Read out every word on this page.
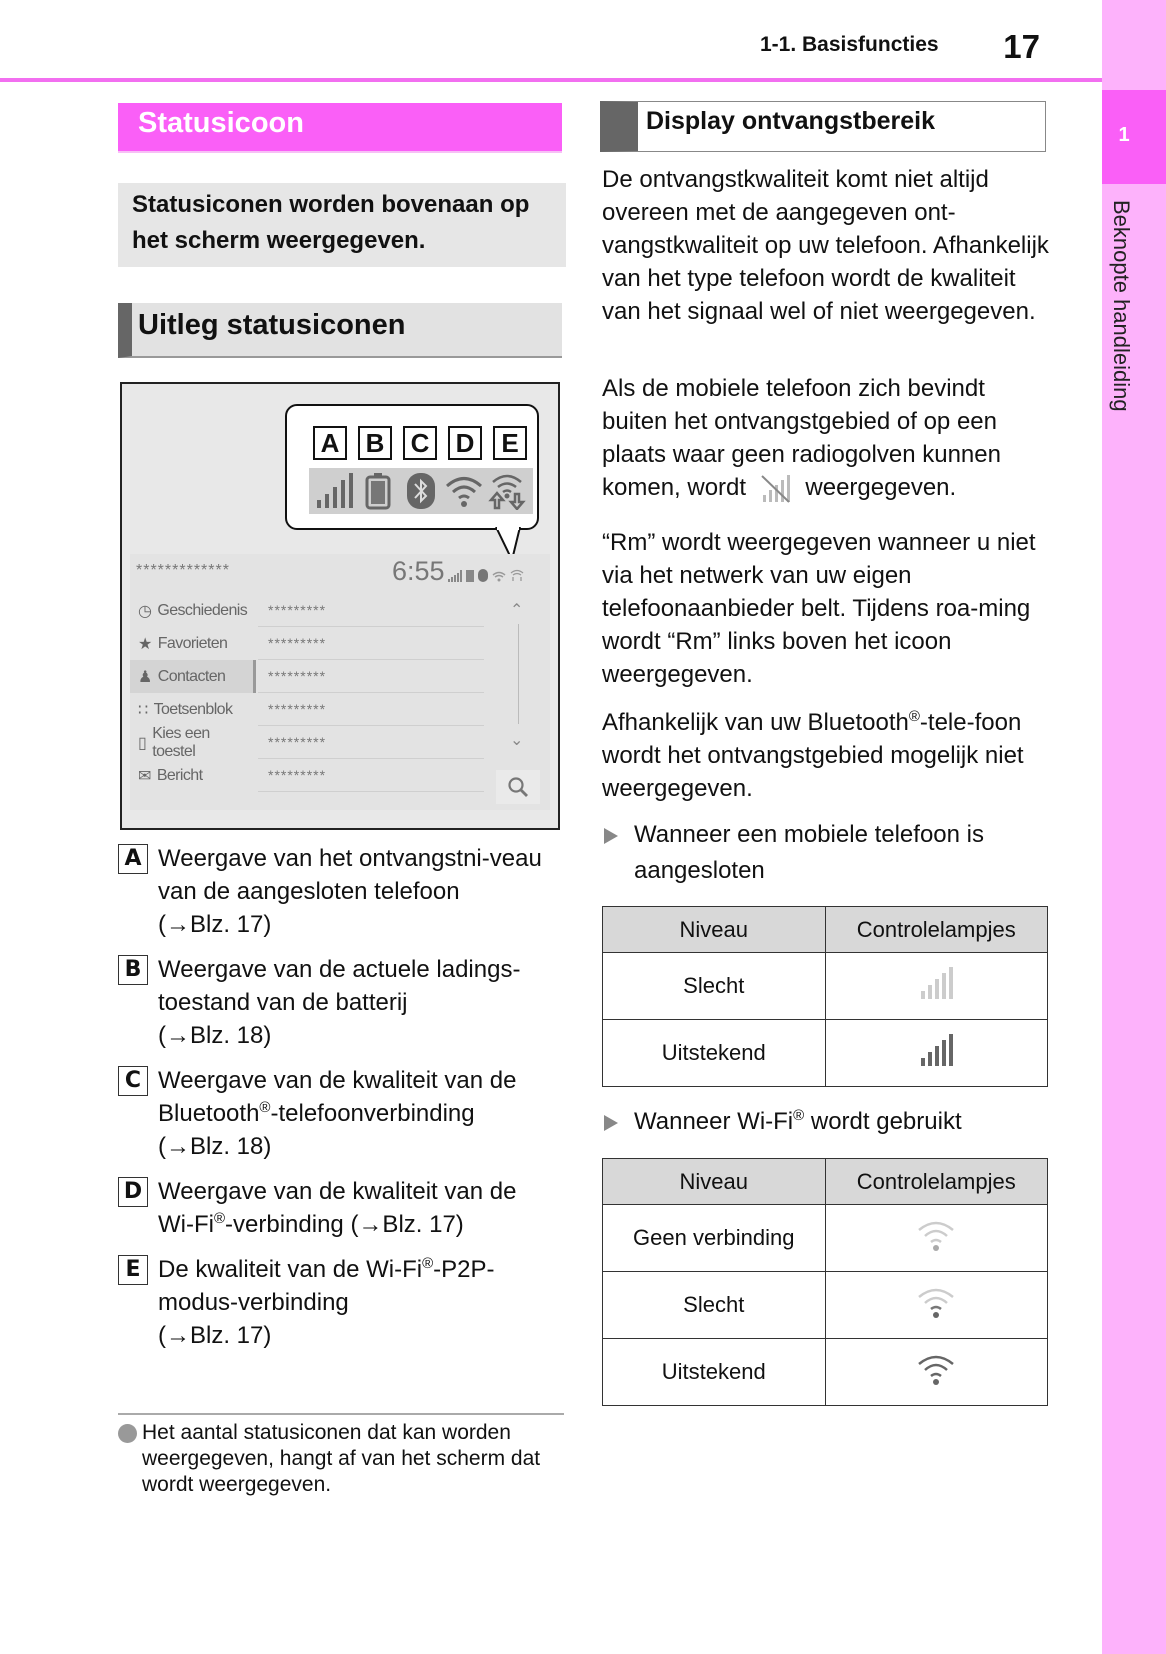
1-1. Basisfuncties 17
1
Beknopte handleiding
Statusicoon
Statusiconen worden bovenaan op het scherm weergegeven.
Uitleg statusiconen
A B C D	E
*************	6:55
◷ Geschiedenis
★ Favorieten
♟ Contacten
∷ Toetsenblok
▯
Kies een toestel
✉ Bericht
*********
*********
*********
*********
*********
*********
⌃
⌄
A Weergave van het ontvangstni-veau van de aangesloten telefoon
(→Blz. 17)
B Weergave van de actuele ladings-toestand van de batterij
(→Blz. 18)
C Weergave van de kwaliteit van de Bluetooth®-telefoonverbinding
(→Blz. 18)
D Weergave van de kwaliteit van de Wi-Fi®-verbinding (→Blz. 17)
E De kwaliteit van de Wi-Fi®-P2P-modus-verbinding
(→Blz. 17)
Het aantal statusiconen dat kan worden weergegeven, hangt af van het scherm dat wordt weergegeven.
Display ontvangstbereik
De ontvangstkwaliteit komt niet altijd overeen met de aangegeven ont-vangstkwaliteit op uw telefoon. Afhankelijk van het type telefoon wordt de kwaliteit van het signaal wel of niet weergegeven.
Als de mobiele telefoon zich bevindt buiten het ontvangstgebied of op een plaats waar geen radiogolven kunnen komen, wordt weergegeven.
“Rm” wordt weergegeven wanneer u niet via het netwerk van uw eigen telefoonaanbieder belt. Tijdens roa-ming wordt “Rm” links boven het icoon weergegeven.
Afhankelijk van uw Bluetooth®-tele-foon wordt het ontvangstgebied mogelijk niet weergegeven.
Wanneer een mobiele telefoon is aangesloten
Niveau	Controlelampjes
Slecht	
Uitstekend	
Wanneer Wi-Fi® wordt gebruikt
Niveau	Controlelampjes
Geen verbinding	
Slecht	
Uitstekend	
